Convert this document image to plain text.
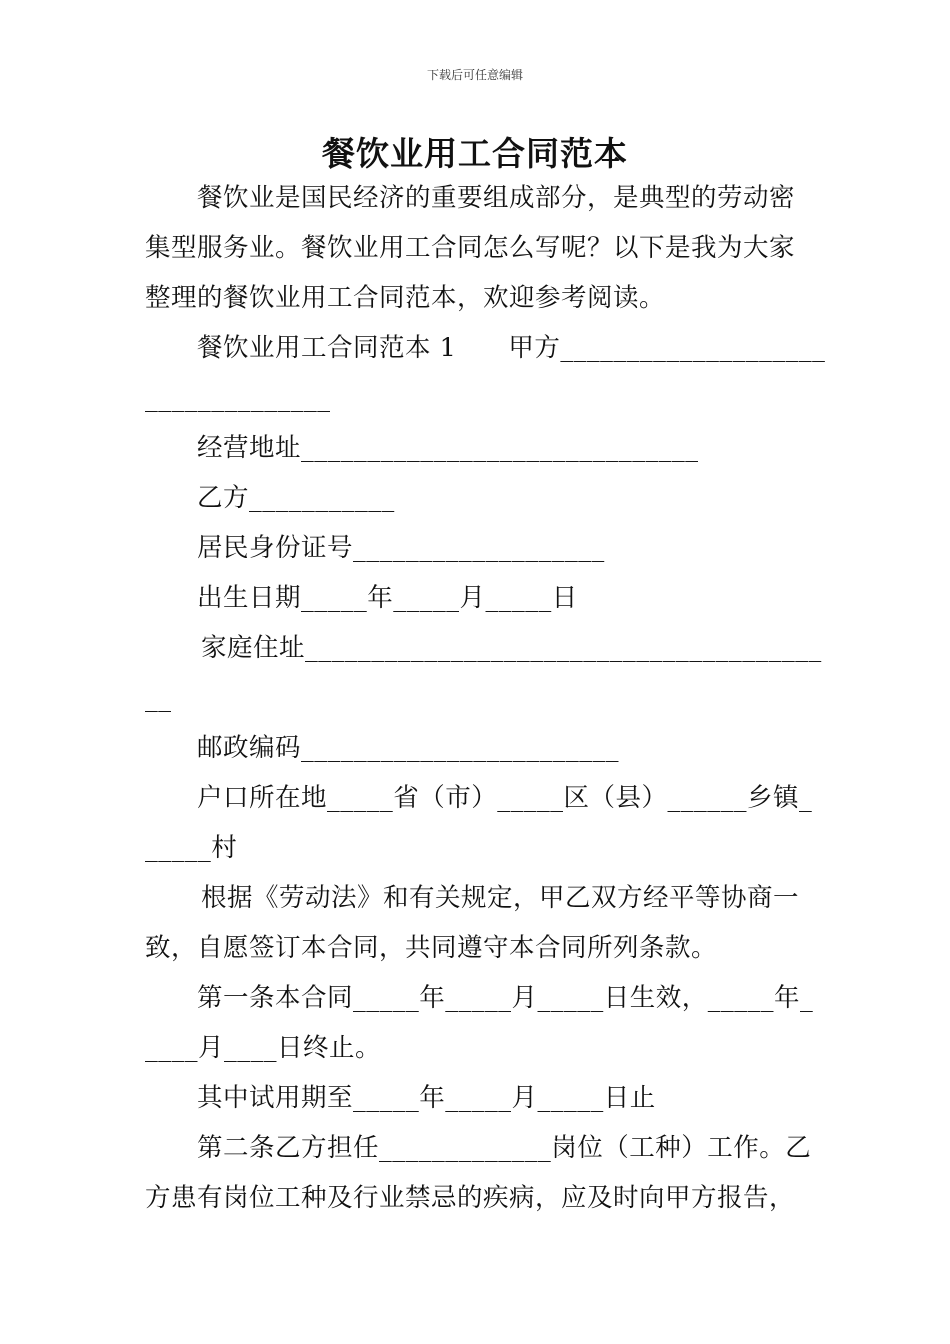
下载后可任意编辑
餐饮业用工合同范本
餐饮业是国民经济的重要组成部分，是典型的劳动密
集型服务业。餐饮业用工合同怎么写呢？以下是我为大家
整理的餐饮业用工合同范本，欢迎参考阅读。
餐饮业用工合同范本 1　　甲方____________________
______________
经营地址______________________________
乙方___________
居民身份证号___________________
出生日期_____年_____月_____日
家庭住址_______________________________________
__
邮政编码________________________
户口所在地_____省（市）_____区（县）______乡镇_
_____村
根据《劳动法》和有关规定，甲乙双方经平等协商一
致，自愿签订本合同，共同遵守本合同所列条款。
第一条本合同_____年_____月_____日生效，_____年_
____月____日终止。
其中试用期至_____年_____月_____日止
第二条乙方担任_____________岗位（工种）工作。乙
方患有岗位工种及行业禁忌的疾病，应及时向甲方报告，
